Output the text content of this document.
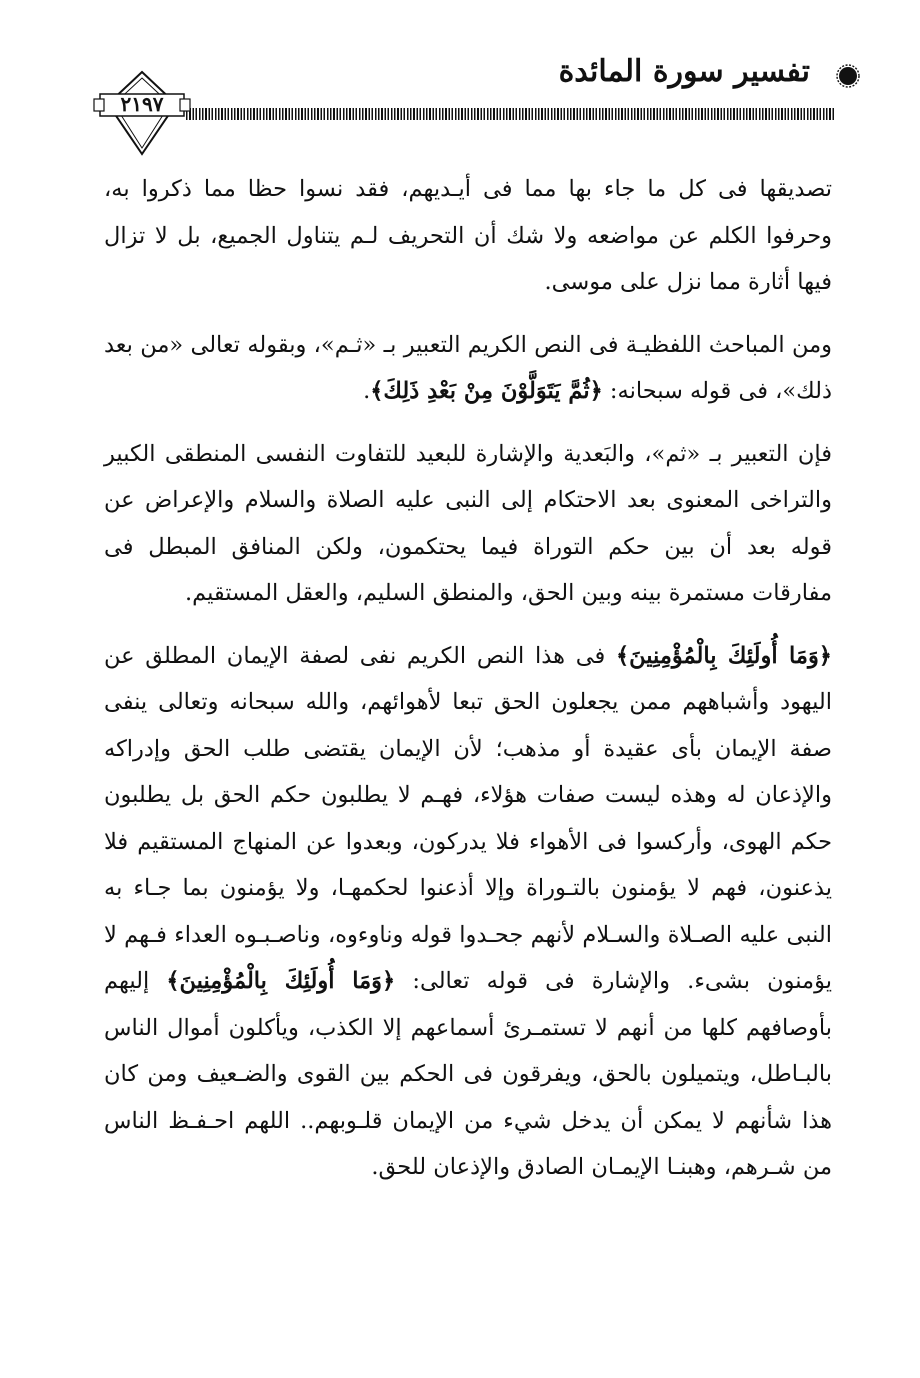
تفسير سورة المائدة
٢١٩٧

تصديقها فى كل ما جاء بها مما فى أيـديهم، فقد نسوا حظا مما ذكروا به، وحرفوا الكلم عن مواضعه ولا شك أن التحريف لـم يتناول الجميع، بل لا تزال فيها أثارة مما نزل على موسى.

ومن المباحث اللفظيـة فى النص الكريم التعبير بـ «ثـم»، وبقوله تعالى «من بعد ذلك»، فى قوله سبحانه: ﴿ثُمَّ يَتَوَلَّوْنَ مِنْ بَعْدِ ذَلِكَ﴾.

فإن التعبير بـ «ثم»، والبَعدية والإشارة للبعيد للتفاوت النفسى المنطقى الكبير والتراخى المعنوى بعد الاحتكام إلى النبى عليه الصلاة والسلام والإعراض عن قوله بعد أن بين حكم التوراة فيما يحتكمون، ولكن المنافق المبطل فى مفارقات مستمرة بينه وبين الحق، والمنطق السليم، والعقل المستقيم.

﴿وَمَا أُولَئِكَ بِالْمُؤْمِنِينَ﴾ فى هذا النص الكريم نفى لصفة الإيمان المطلق عن اليهود وأشباههم ممن يجعلون الحق تبعا لأهوائهم، والله سبحانه وتعالى ينفى صفة الإيمان بأى عقيدة أو مذهب؛ لأن الإيمان يقتضى طلب الحق وإدراكه والإذعان له وهذه ليست صفات هؤلاء، فهـم لا يطلبون حكم الحق بل يطلبون حكم الهوى، وأركسوا فى الأهواء فلا يدركون، وبعدوا عن المنهاج المستقيم فلا يذعنون، فهم لا يؤمنون بالتـوراة وإلا أذعنوا لحكمهـا، ولا يؤمنون بما جـاء به النبى عليه الصـلاة والسـلام لأنهم جحـدوا قوله وناوءوه، وناصـبـوه العداء فـهم لا يؤمنون بشىء. والإشارة فى قوله تعالى: ﴿وَمَا أُولَئِكَ بِالْمُؤْمِنِينَ﴾ إليهم بأوصافهم كلها من أنهم لا تستمـرئ أسماعهم إلا الكذب، ويأكلون أموال الناس بالبـاطل، ويتميلون بالحق، ويفرقون فى الحكم بين القوى والضـعيف ومن كان هذا شأنهم لا يمكن أن يدخل شيء من الإيمان قلـوبهم.. اللهم احـفـظ الناس من شـرهم، وهبنـا الإيمـان الصادق والإذعان للحق.
